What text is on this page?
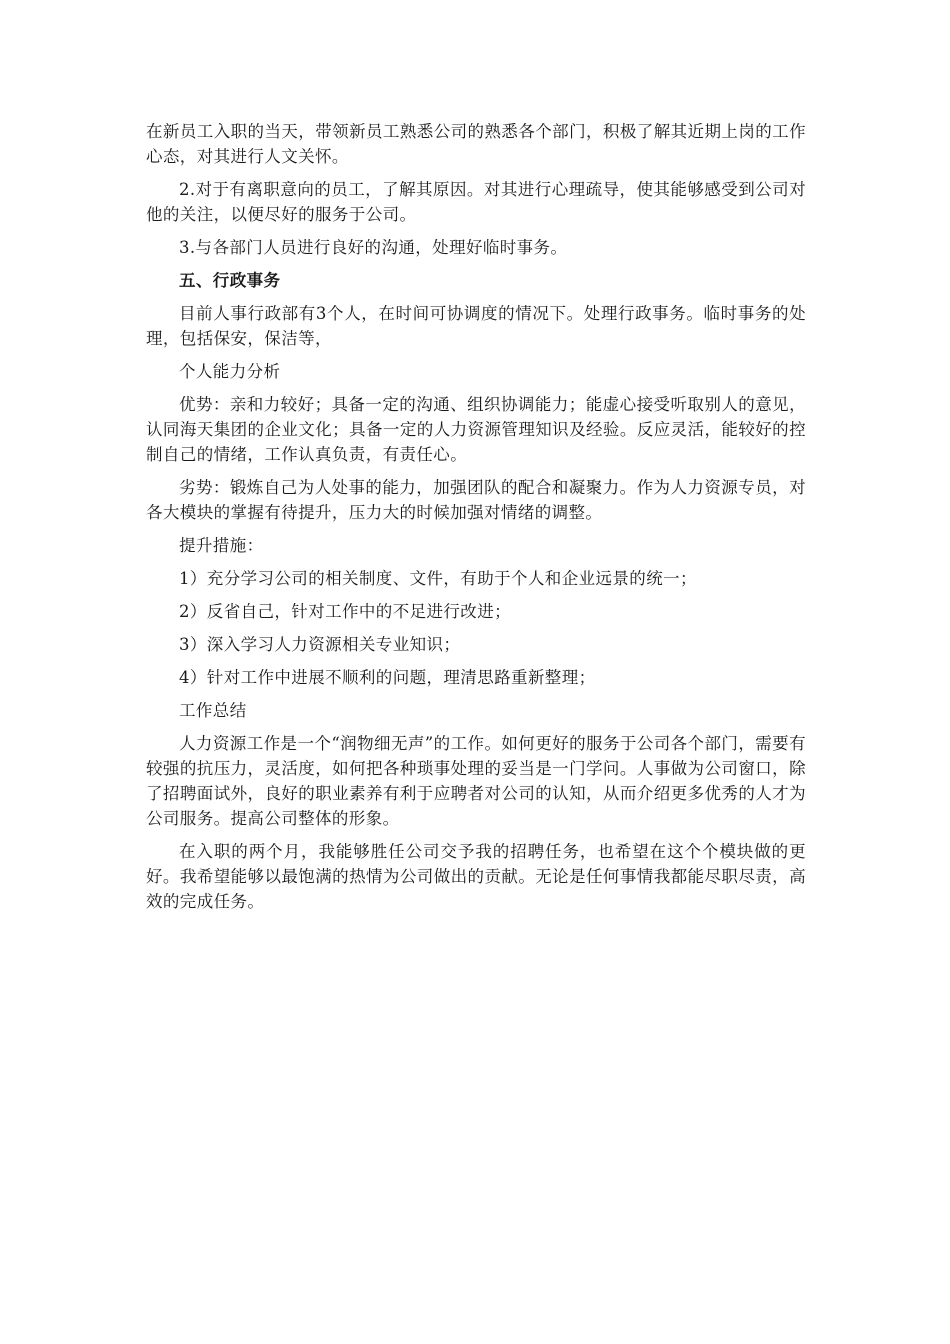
在新员工入职的当天，带领新员工熟悉公司的熟悉各个部门，积极了解其近期上岗的工作心态，对其进行人文关怀。

2.对于有离职意向的员工，了解其原因。对其进行心理疏导，使其能够感受到公司对他的关注，以便尽好的服务于公司。

3.与各部门人员进行良好的沟通，处理好临时事务。

五、行政事务

目前人事行政部有3个人，在时间可协调度的情况下。处理行政事务。临时事务的处理，包括保安，保洁等，

个人能力分析

优势：亲和力较好；具备一定的沟通、组织协调能力；能虚心接受听取别人的意见，认同海天集团的企业文化；具备一定的人力资源管理知识及经验。反应灵活，能较好的控制自己的情绪，工作认真负责，有责任心。

劣势：锻炼自己为人处事的能力，加强团队的配合和凝聚力。作为人力资源专员，对各大模块的掌握有待提升，压力大的时候加强对情绪的调整。

提升措施：

1）充分学习公司的相关制度、文件，有助于个人和企业远景的统一；

2）反省自己，针对工作中的不足进行改进；

3）深入学习人力资源相关专业知识；

4）针对工作中进展不顺利的问题，理清思路重新整理；

工作总结

人力资源工作是一个“润物细无声”的工作。如何更好的服务于公司各个部门，需要有较强的抗压力，灵活度，如何把各种琐事处理的妥当是一门学问。人事做为公司窗口，除了招聘面试外，良好的职业素养有利于应聘者对公司的认知，从而介绍更多优秀的人才为公司服务。提高公司整体的形象。

在入职的两个月，我能够胜任公司交予我的招聘任务，也希望在这个个模块做的更好。我希望能够以最饱满的热情为公司做出的贡献。无论是任何事情我都能尽职尽责，高效的完成任务。
